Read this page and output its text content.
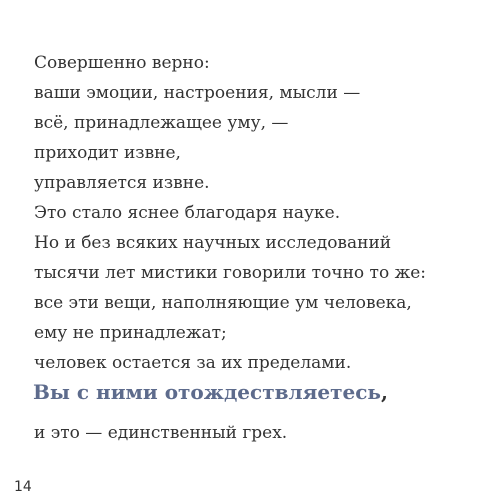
Совершенно верно:
ваши эмоции, настроения, мысли —
всё, принадлежащее уму, —
приходит извне,
управляется извне.
Это стало яснее благодаря науке.
Но и без всяких научных исследований
тысячи лет мистики говорили точно то же:
все эти вещи, наполняющие ум человека,
ему не принадлежат;
человек остается за их пределами.
Вы с ними отождествляетесь,
и это — единственный грех.
14
